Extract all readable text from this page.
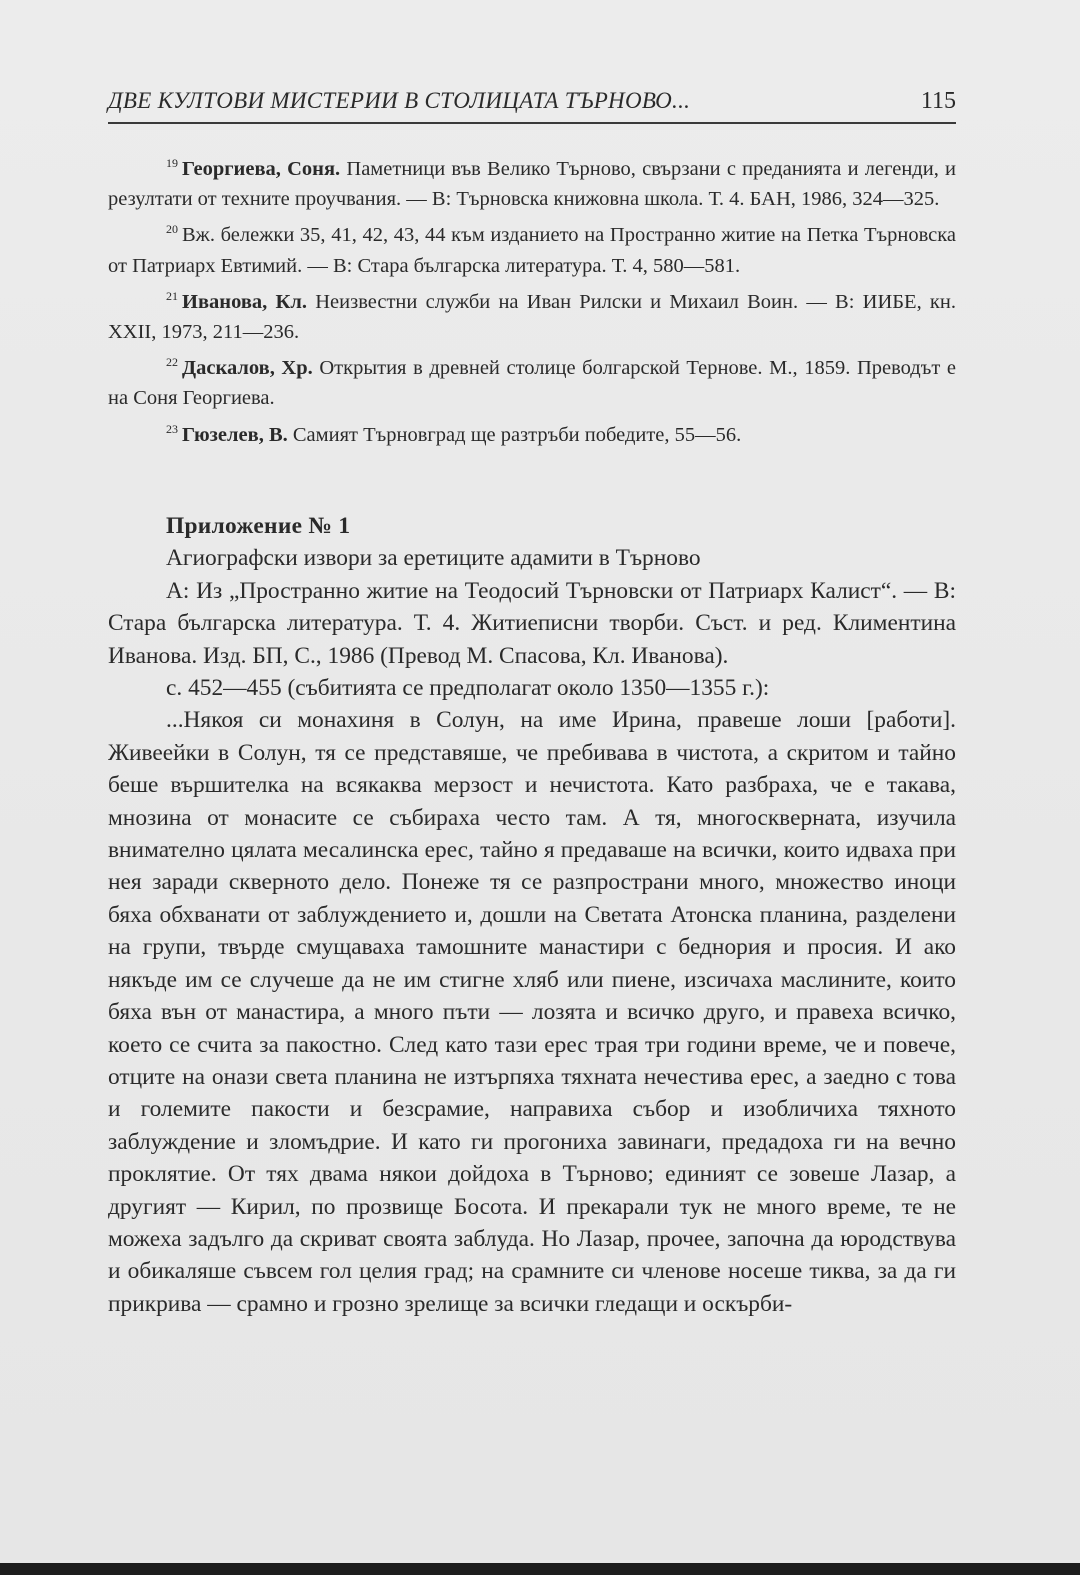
ДВЕ КУЛТОВИ МИСТЕРИИ В СТОЛИЦАТА ТЪРНОВО...	115

$^{19}$ Георгиева, Соня. Паметници във Велико Търново, свързани с преданията и легенди, и резултати от техните проучвания. — В: Търновска книжовна школа. Т. 4. БАН, 1986, 324—325.

$^{20}$ Вж. бележки 35, 41, 42, 43, 44 към изданието на Пространно житие на Петка Търновска от Патриарх Евтимий. — В: Стара българска литература. Т. 4, 580—581.

$^{21}$ Иванова, Кл. Неизвестни служби на Иван Рилски и Михаил Воин. — В: ИИБЕ, кн. XXII, 1973, 211—236.

$^{22}$ Даскалов, Хр. Открытия в древней столице болгарской Тернове. М., 1859. Преводът е на Соня Георгиева.

$^{23}$ Гюзелев, В. Самият Търновград ще разтръби победите, 55—56.

Приложение № 1

Агиографски извори за еретиците адамити в Търново

А: Из „Пространно житие на Теодосий Търновски от Патриарх Калист“. — В: Стара българска литература. Т. 4. Житиеписни творби. Съст. и ред. Климентина Иванова. Изд. БП, С., 1986 (Превод М. Спасова, Кл. Иванова).

с. 452—455 (събитията се предполагат около 1350—1355 г.):

...Някоя си монахиня в Солун, на име Ирина, правеше лоши [работи]. Живеейки в Солун, тя се представяше, че пребивава в чистота, а скритом и тайно беше вършителка на всякаква мерзост и нечистота. Като разбраха, че е такава, мнозина от монасите се събираха често там. А тя, многоскверната, изучила внимателно цялата месалинска ерес, тайно я предаваше на всички, които идваха при нея заради скверното дело. Понеже тя се разпространи много, множество иноци бяха обхванати от заблуждението и, дошли на Светата Атонска планина, разделени на групи, твърде смущаваха тамошните манастири с беднория и просия. И ако някъде им се случеше да не им стигне хляб или пиене, изсичаха маслините, които бяха вън от манастира, а много пъти — лозята и всичко друго, и правеха всичко, което се счита за пакостно. След като тази ерес трая три години време, че и повече, отците на онази света планина не изтърпяха тяхната нечестива ерес, а заедно с това и големите пакости и безсрамие, направиха събор и изобличиха тяхното заблуждение и зломъдрие. И като ги прогониха завинаги, предадоха ги на вечно проклятие. От тях двама някои дойдоха в Търново; единият се зовеше Лазар, а другият — Кирил, по прозвище Босота. И прекарали тук не много време, те не можеха задълго да скриват своята заблуда. Но Лазар, прочее, започна да юродствува и обикаляше съвсем гол целия град; на срамните си членове носеше тиква, за да ги прикрива — срамно и грозно зрелище за всички гледащи и оскърби-
